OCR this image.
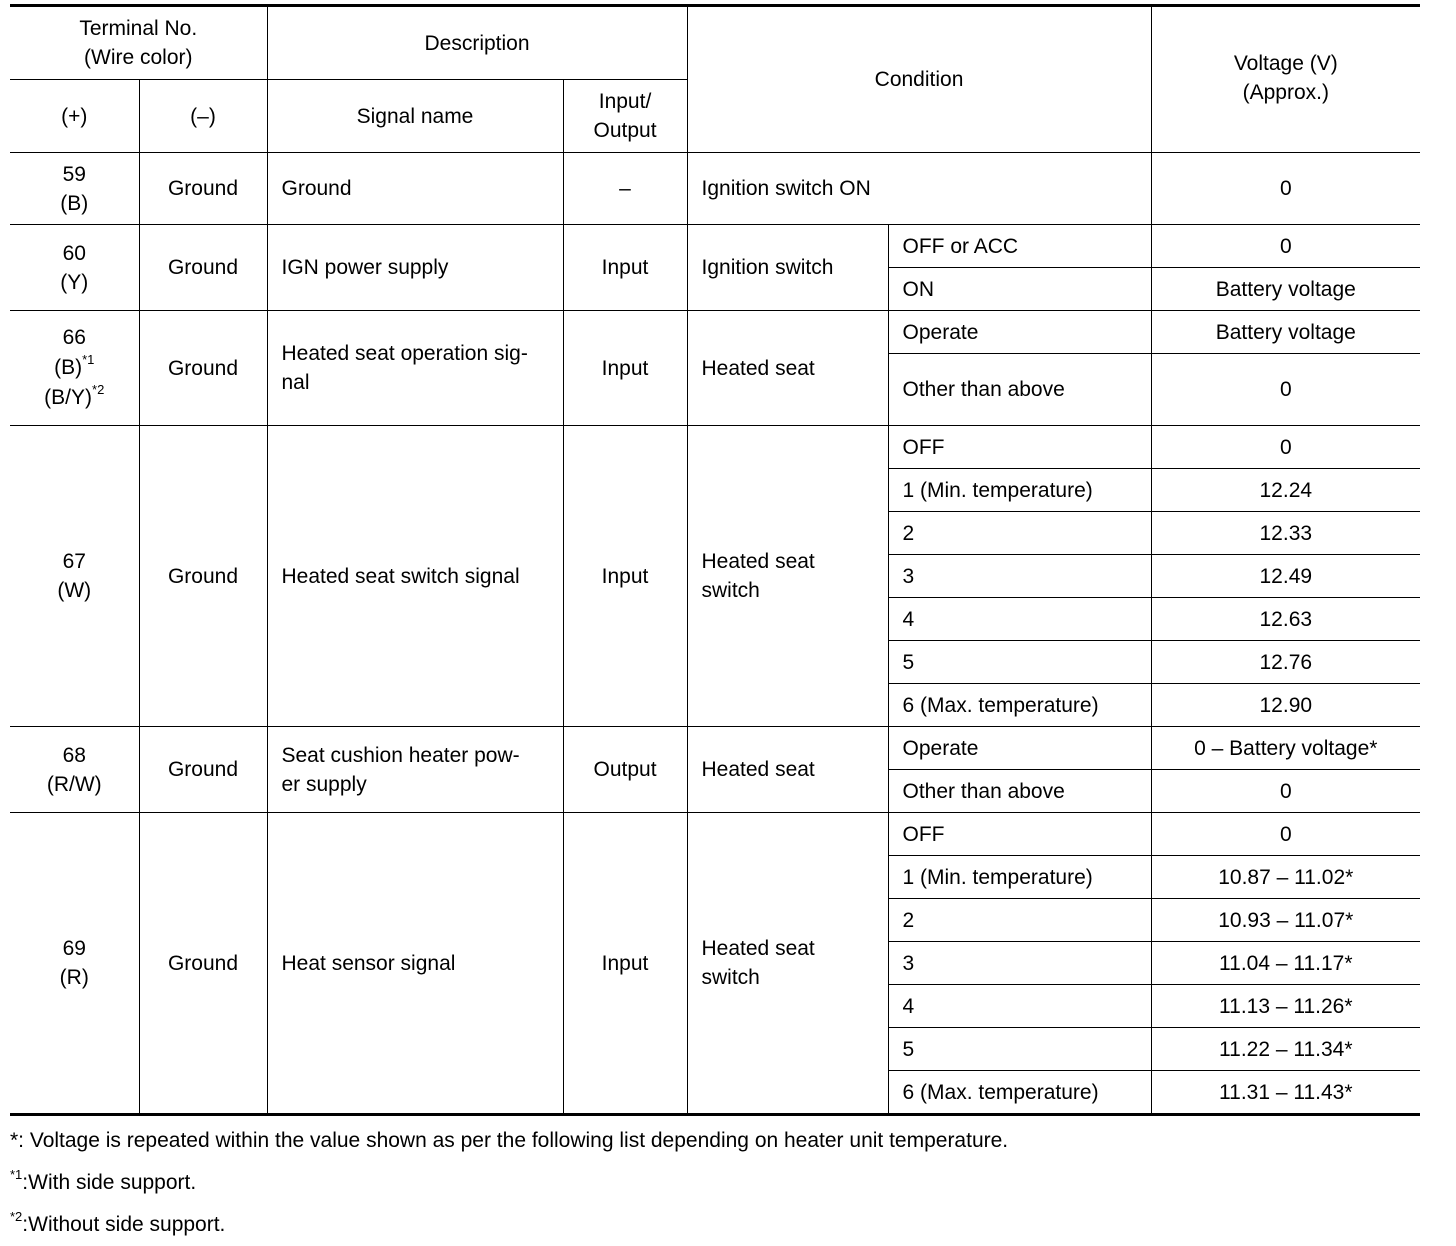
Terminal No.
(Wire color)		Description		Condition		Voltage (V)
(Approx.)
(+)	(–)	Signal name	Input/
Output			
59
(B)	Ground	Ground	–	Ignition switch ON		0
60
(Y)	Ground	IGN power supply	Input	Ignition switch	OFF or ACC	0
					ON	Battery voltage
66
$(B)^{*1}$
$(B/Y)^{*2}$	Ground	Heated seat operation sig-
nal	Input	Heated seat	Operate	Battery voltage
					Other than above	0
67
(W)	Ground	Heated seat switch signal	Input	Heated seat
switch	OFF	0
					1 (Min. temperature)	12.24
					2	12.33
					3	12.49
					4	12.63
					5	12.76
					6 (Max. temperature)	12.90
68
(R/W)	Ground	Seat cushion heater pow-
er supply	Output	Heated seat	Operate	0 – Battery voltage*
					Other than above	0
69
(R)	Ground	Heat sensor signal	Input	Heated seat
switch	OFF	0
					1 (Min. temperature)	10.87 – 11.02*
					2	10.93 – 11.07*
					3	11.04 – 11.17*
					4	11.13 – 11.26*
					5	11.22 – 11.34*
					6 (Max. temperature)	11.31 – 11.43*
*: Voltage is repeated within the value shown as per the following list depending on heater unit temperature.
$^{*1}$:With side support.
$^{*2}$:Without side support.
